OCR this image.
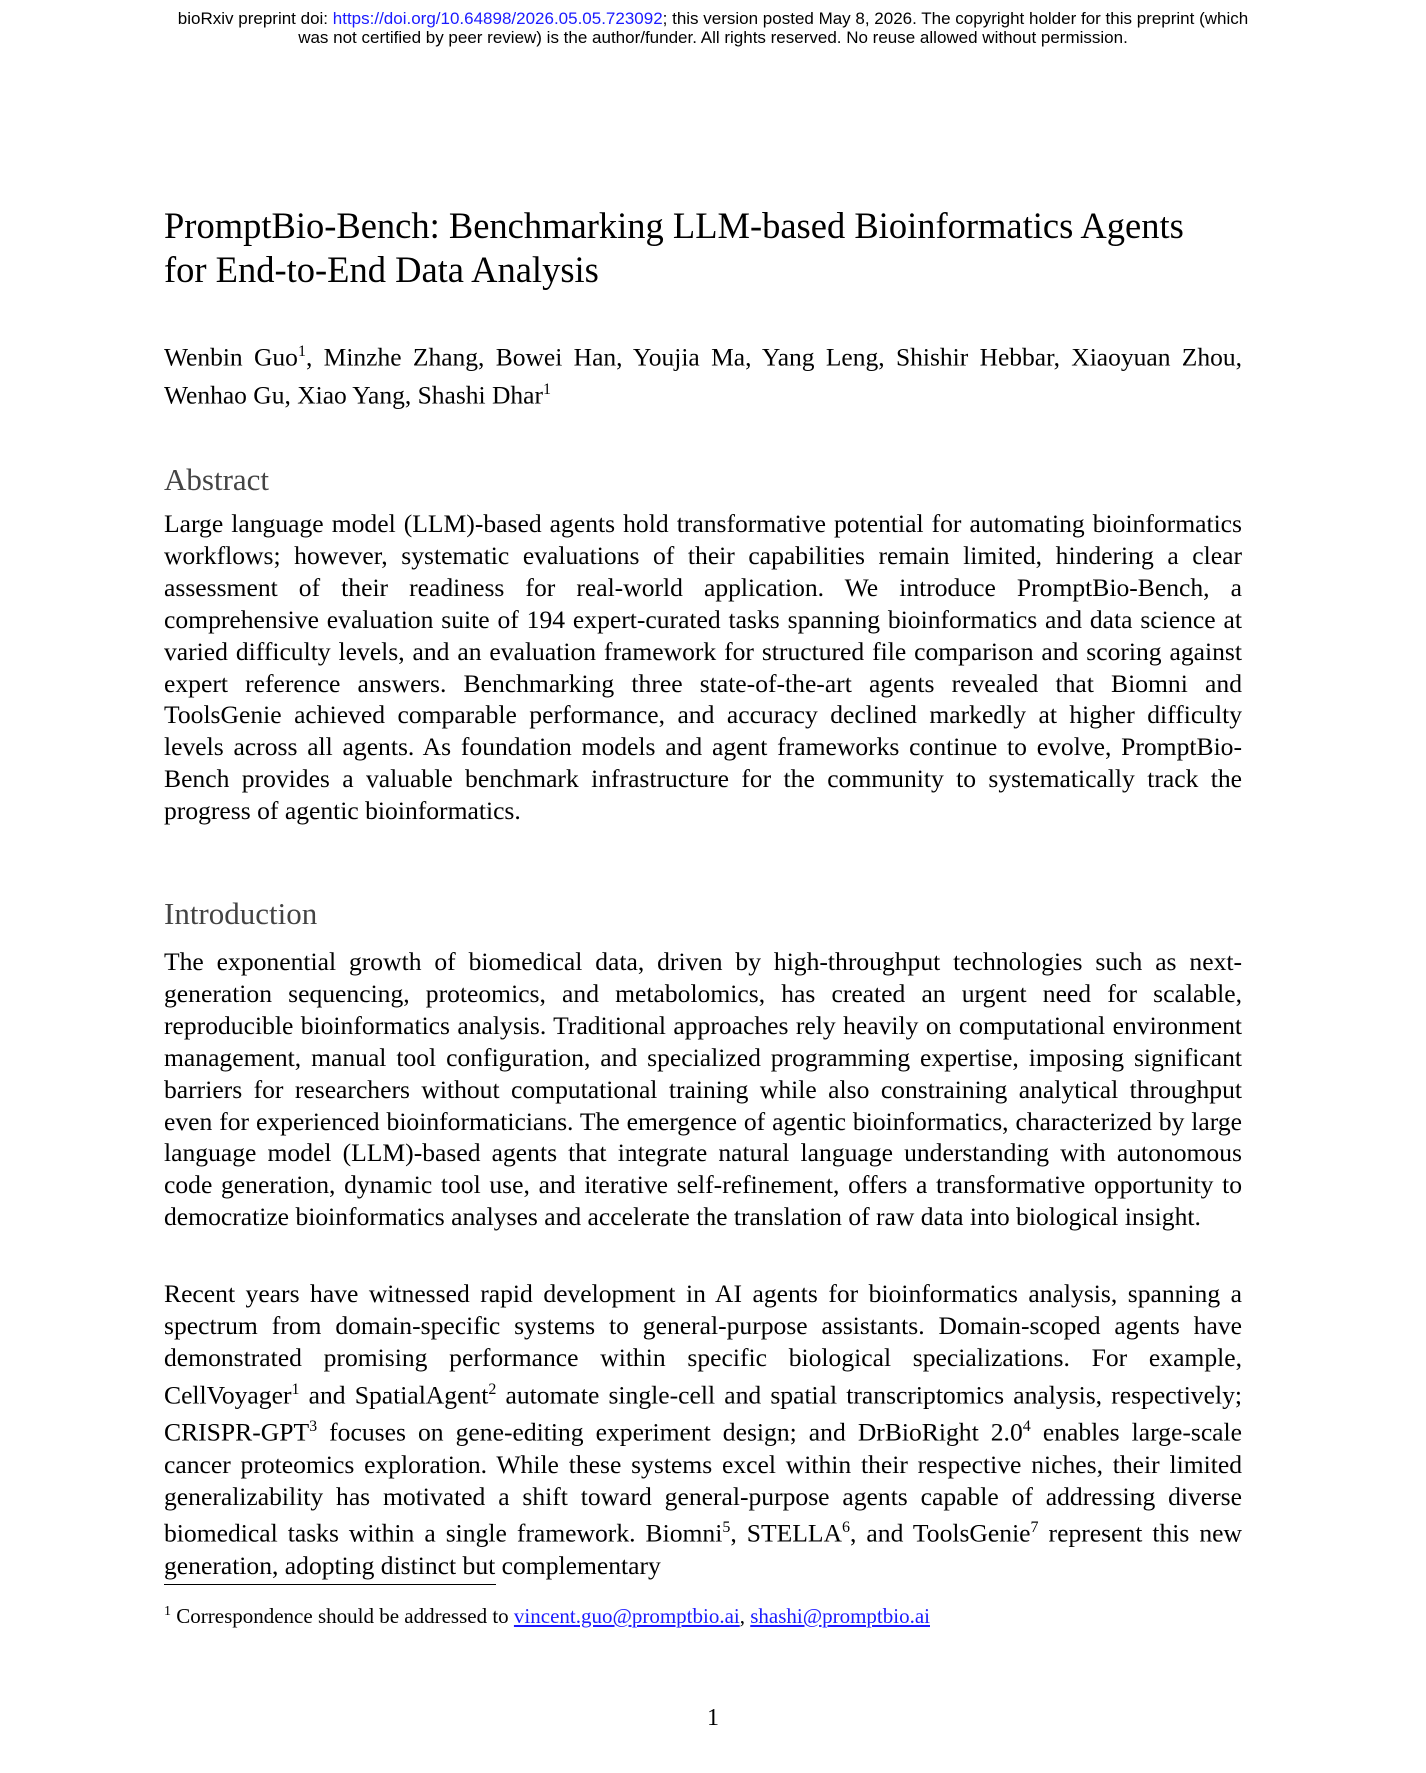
bioRxiv preprint doi: https://doi.org/10.64898/2026.05.05.723092; this version posted May 8, 2026. The copyright holder for this preprint (which
was not certified by peer review) is the author/funder. All rights reserved. No reuse allowed without permission.
PromptBio-Bench: Benchmarking LLM-based Bioinformatics Agents
for End-to-End Data Analysis
Wenbin Guo$^1$, Minzhe Zhang, Bowei Han, Youjia Ma, Yang Leng, Shishir Hebbar, Xiaoyuan Zhou, Wenhao Gu, Xiao Yang, Shashi Dhar$^1$
Abstract
Large language model (LLM)-based agents hold transformative potential for automating bioinformatics workflows; however, systematic evaluations of their capabilities remain limited, hindering a clear assessment of their readiness for real-world application. We introduce PromptBio-Bench, a comprehensive evaluation suite of 194 expert-curated tasks spanning bioinformatics and data science at varied difficulty levels, and an evaluation framework for structured file comparison and scoring against expert reference answers. Benchmarking three state-of-the-art agents revealed that Biomni and ToolsGenie achieved comparable performance, and accuracy declined markedly at higher difficulty levels across all agents. As foundation models and agent frameworks continue to evolve, PromptBio-Bench provides a valuable benchmark infrastructure for the community to systematically track the progress of agentic bioinformatics.
Introduction
The exponential growth of biomedical data, driven by high-throughput technologies such as next-generation sequencing, proteomics, and metabolomics, has created an urgent need for scalable, reproducible bioinformatics analysis. Traditional approaches rely heavily on computational environment management, manual tool configuration, and specialized programming expertise, imposing significant barriers for researchers without computational training while also constraining analytical throughput even for experienced bioinformaticians. The emergence of agentic bioinformatics, characterized by large language model (LLM)-based agents that integrate natural language understanding with autonomous code generation, dynamic tool use, and iterative self-refinement, offers a transformative opportunity to democratize bioinformatics analyses and accelerate the translation of raw data into biological insight.
Recent years have witnessed rapid development in AI agents for bioinformatics analysis, spanning a spectrum from domain-specific systems to general-purpose assistants. Domain-scoped agents have demonstrated promising performance within specific biological specializations. For example, CellVoyager$^1$ and SpatialAgent$^2$ automate single-cell and spatial transcriptomics analysis, respectively; CRISPR-GPT$^3$ focuses on gene-editing experiment design; and DrBioRight $2.0^4$ enables large-scale cancer proteomics exploration. While these systems excel within their respective niches, their limited generalizability has motivated a shift toward general-purpose agents capable of addressing diverse biomedical tasks within a single framework. Biomni$^5$, STELLA$^6$, and ToolsGenie$^7$ represent this new generation, adopting distinct but complementary
$^1$ Correspondence should be addressed to vincent.guo@promptbio.ai, shashi@promptbio.ai
1
